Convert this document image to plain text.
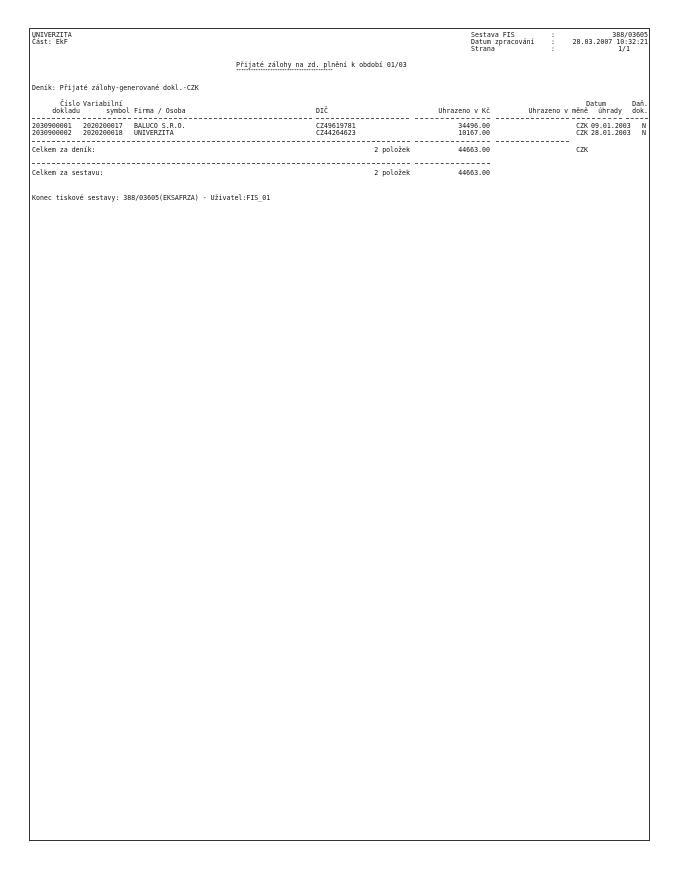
UNIVERZITA
Část: EkF
Sestava FIS	:	388/03605
Datum zpracování :	28.03.2007 10:32:21
Strana	:	1/1
Přijaté zálohy na zd. plnění k období 01/03
****************************************
Deník: Přijaté zálohy-generované dokl.-CZK
Číslo Variabilní	Datum	Daň.
dokladu	symbol Firma / Osoba	DIČ	Uhrazeno v Kč	Uhrazeno v měně	úhrady	dok.
2030900001 2020200017 BALUCO S.R.O.	CZ49619781	34496.00	CZK 09.01.2003 N
2030900002 2020200018 UNIVERZITA	CZ44264623	10167.00	CZK 28.01.2003 N
Celkem za deník:	2 položek	44663.00	CZK
Celkem za sestavu:	2 položek	44663.00
Konec tiskové sestavy: 388/03605(EKSAFRZA) - Uživatel:FIS_01
